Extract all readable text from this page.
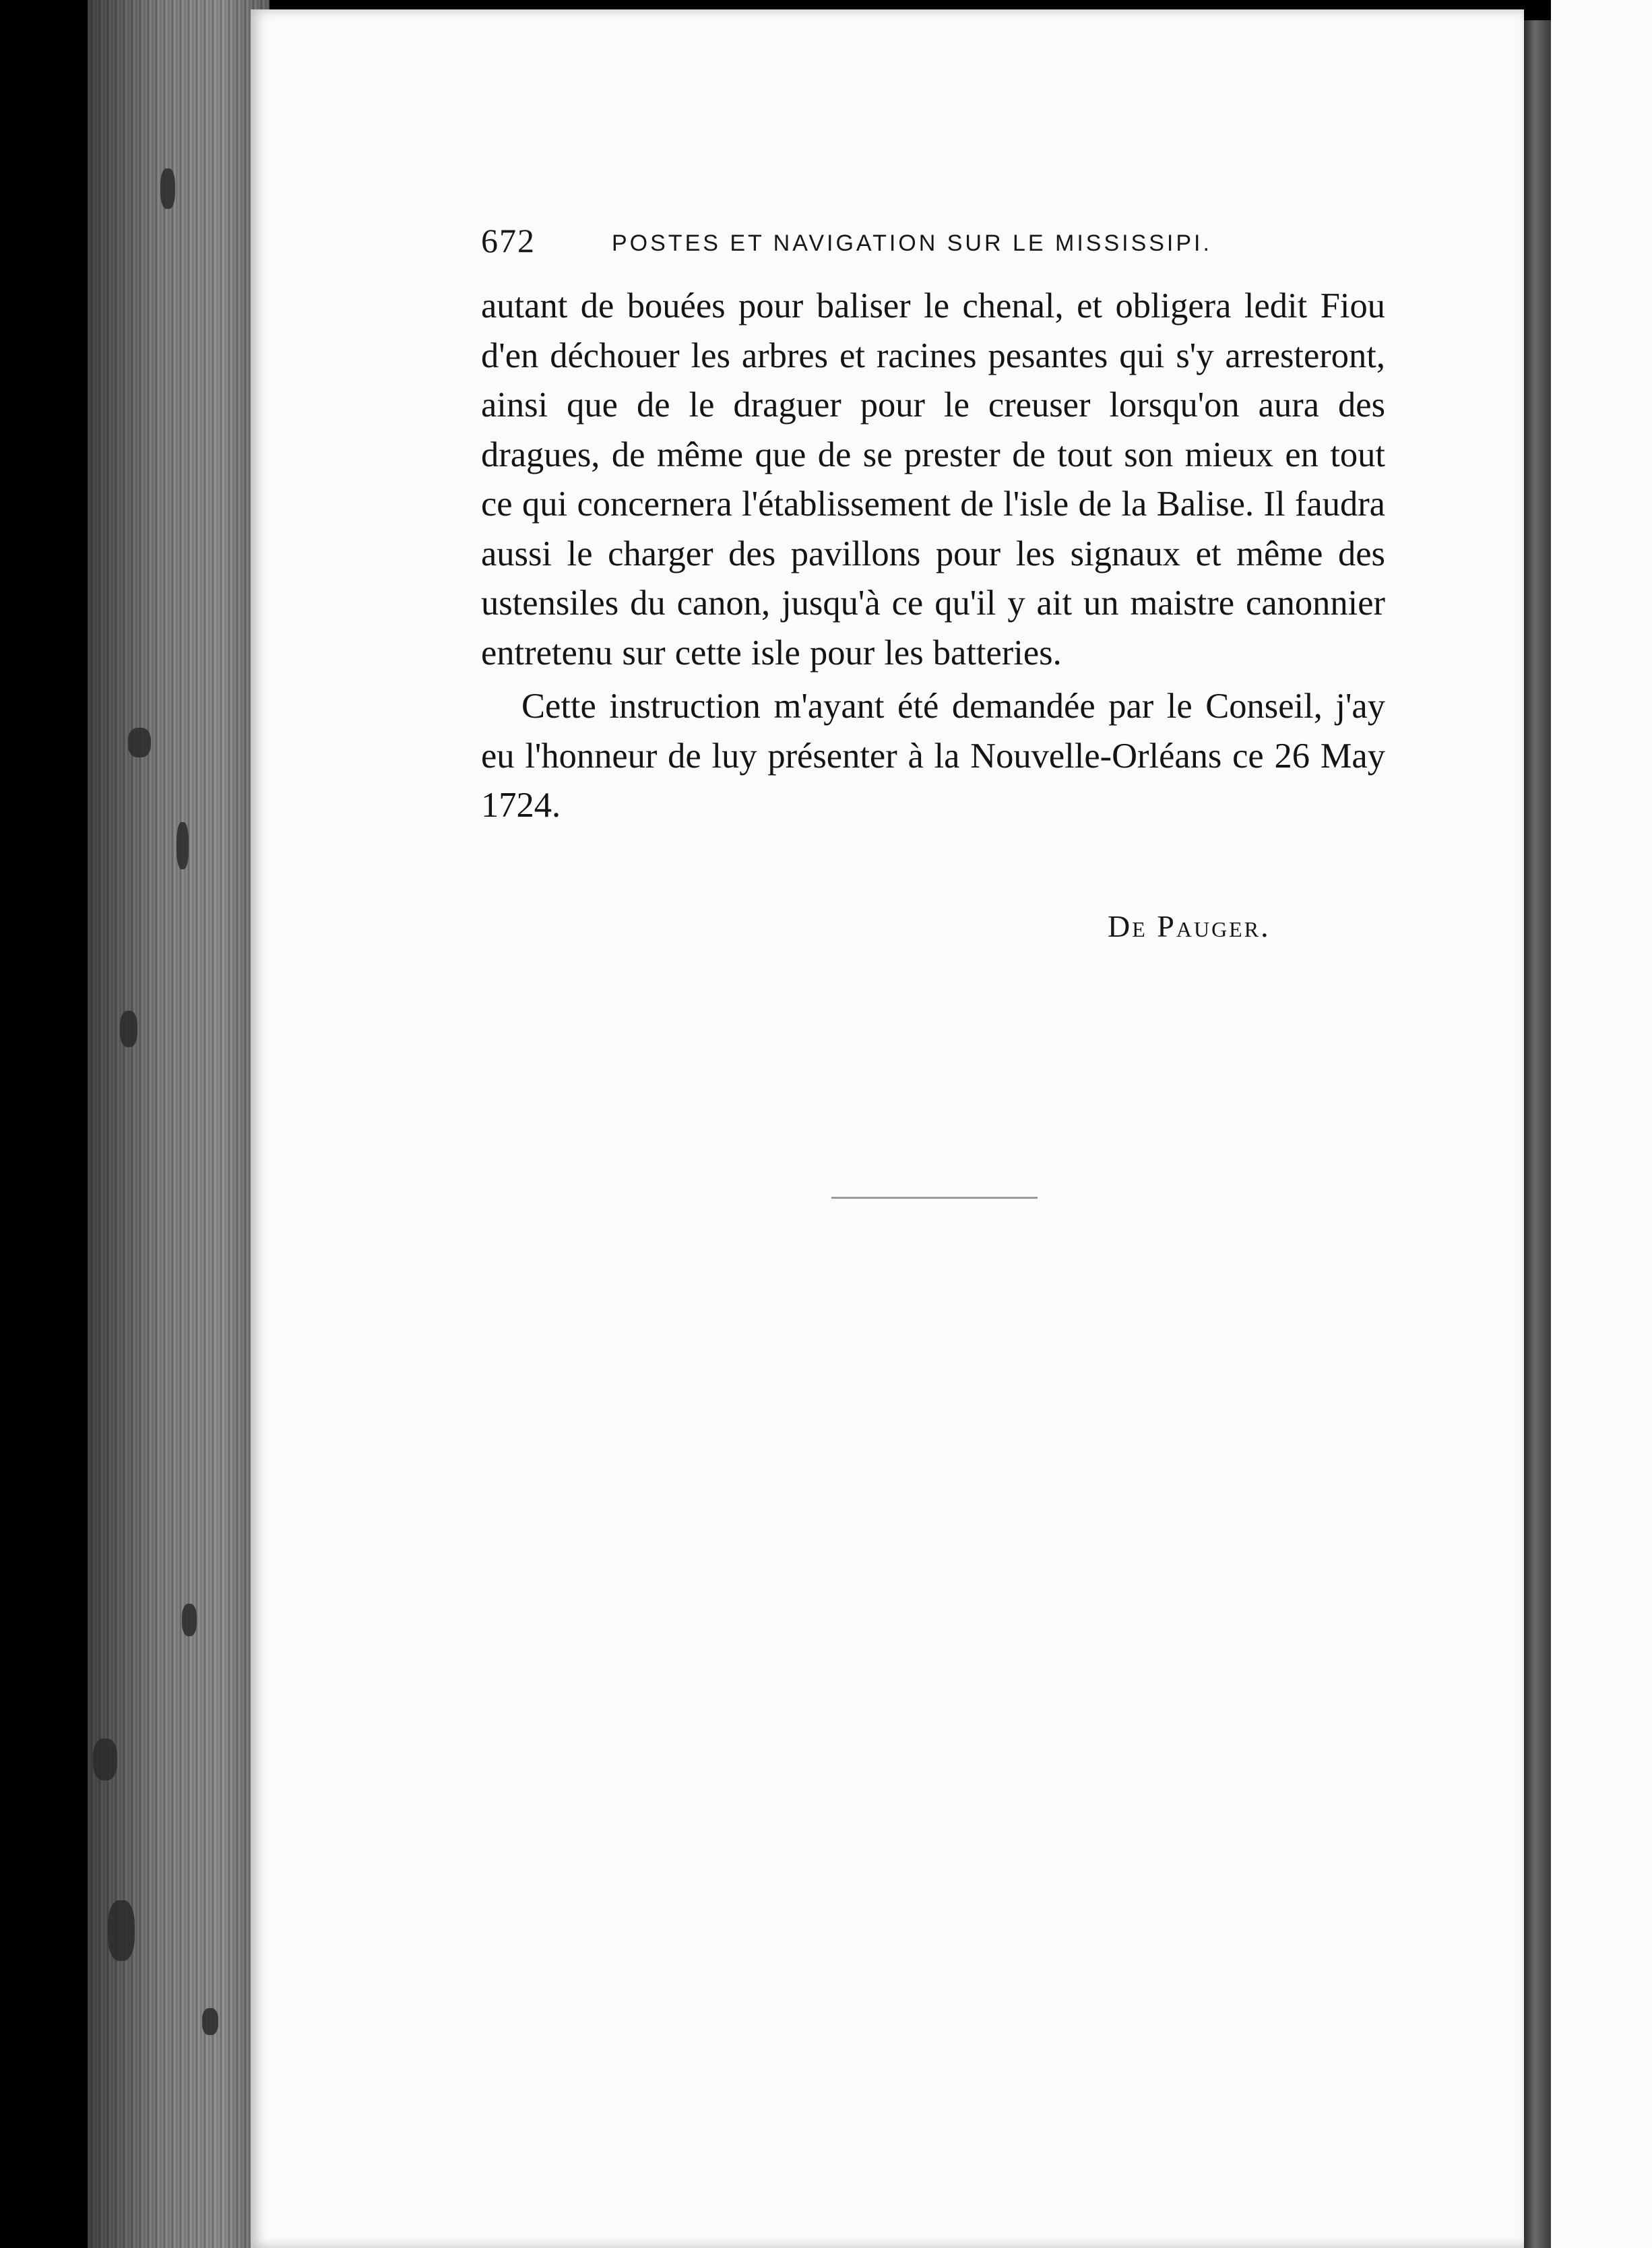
672	POSTES ET NAVIGATION SUR LE MISSISSIPI.

autant de bouées pour baliser le chenal, et obligera ledit Fiou d'en déchouer les arbres et racines pesantes qui s'y arresteront, ainsi que de le draguer pour le creuser lorsqu'on aura des dragues, de même que de se prester de tout son mieux en tout ce qui concernera l'établissement de l'isle de la Balise. Il faudra aussi le charger des pavillons pour les signaux et même des ustensiles du canon, jusqu'à ce qu'il y ait un maistre canonnier entretenu sur cette isle pour les batteries.

Cette instruction m'ayant été demandée par le Conseil, j'ay eu l'honneur de luy présenter à la Nouvelle-Orléans ce 26 May 1724.

De Pauger.
